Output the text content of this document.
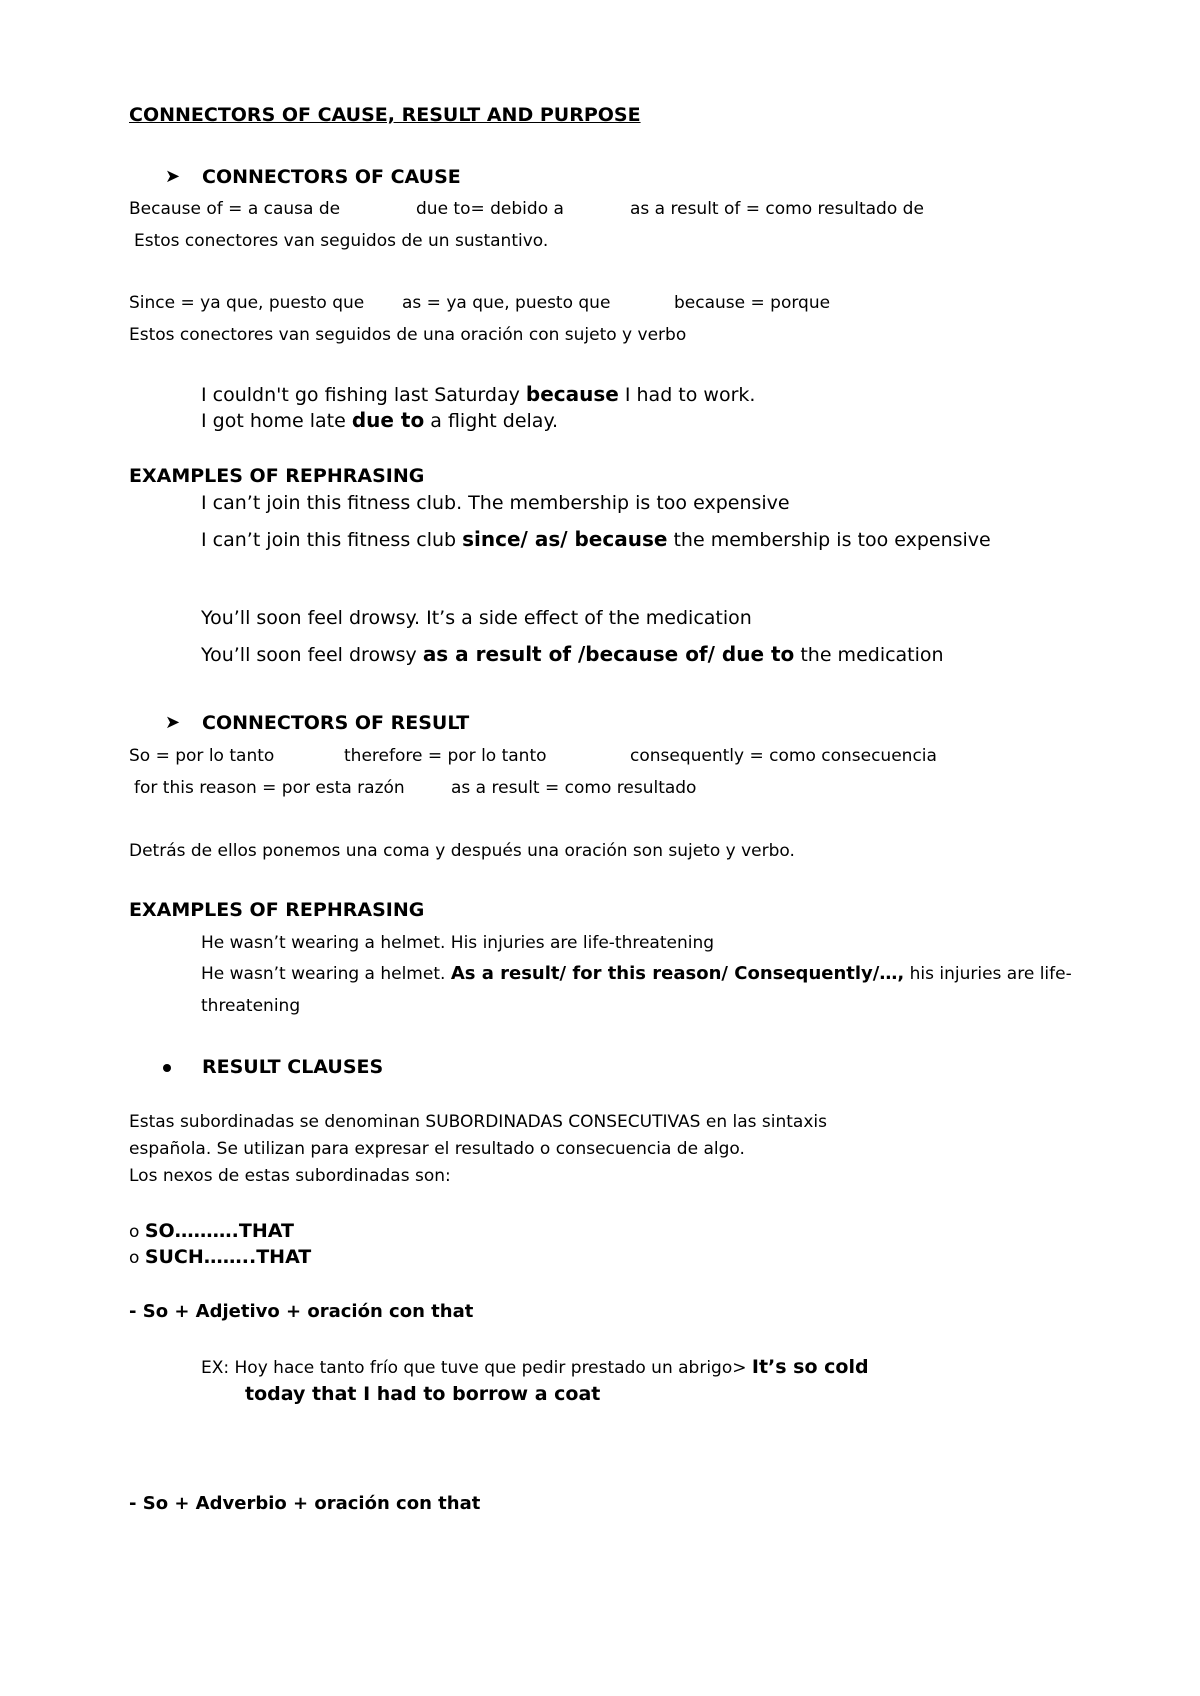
CONNECTORS OF CAUSE, RESULT AND PURPOSE
➤ CONNECTORS OF CAUSE
Because of = a causa de	due to= debido a	as a result of = como resultado de
Estos conectores van seguidos de un sustantivo.
Since = ya que, puesto que as = ya que, puesto que	because = porque
Estos conectores van seguidos de una oración con sujeto y verbo
I couldn't go fishing last Saturday because I had to work.
I got home late due to a flight delay.
EXAMPLES OF REPHRASING
I can’t join this fitness club. The membership is too expensive
I can’t join this fitness club since/ as/ because the membership is too expensive
You’ll soon feel drowsy. It’s a side effect of the medication
You’ll soon feel drowsy as a result of /because of/ due to the medication
➤ CONNECTORS OF RESULT
So = por lo tanto	therefore = por lo tanto	consequently = como consecuencia
for this reason = por esta razón	as a result = como resultado
Detrás de ellos ponemos una coma y después una oración son sujeto y verbo.
EXAMPLES OF REPHRASING
He wasn’t wearing a helmet. His injuries are life-threatening
He wasn’t wearing a helmet. As a result/ for this reason/ Consequently/…, his injuries are life-
threatening
RESULT CLAUSES
Estas subordinadas se denominan SUBORDINADAS CONSECUTIVAS en las sintaxis
española. Se utilizan para expresar el resultado o consecuencia de algo.
Los nexos de estas subordinadas son:
o SO……….THAT
o SUCH……..THAT
- So + Adjetivo + oración con that
EX: Hoy hace tanto frío que tuve que pedir prestado un abrigo> It’s so cold
today that I had to borrow a coat
- So + Adverbio + oración con that
